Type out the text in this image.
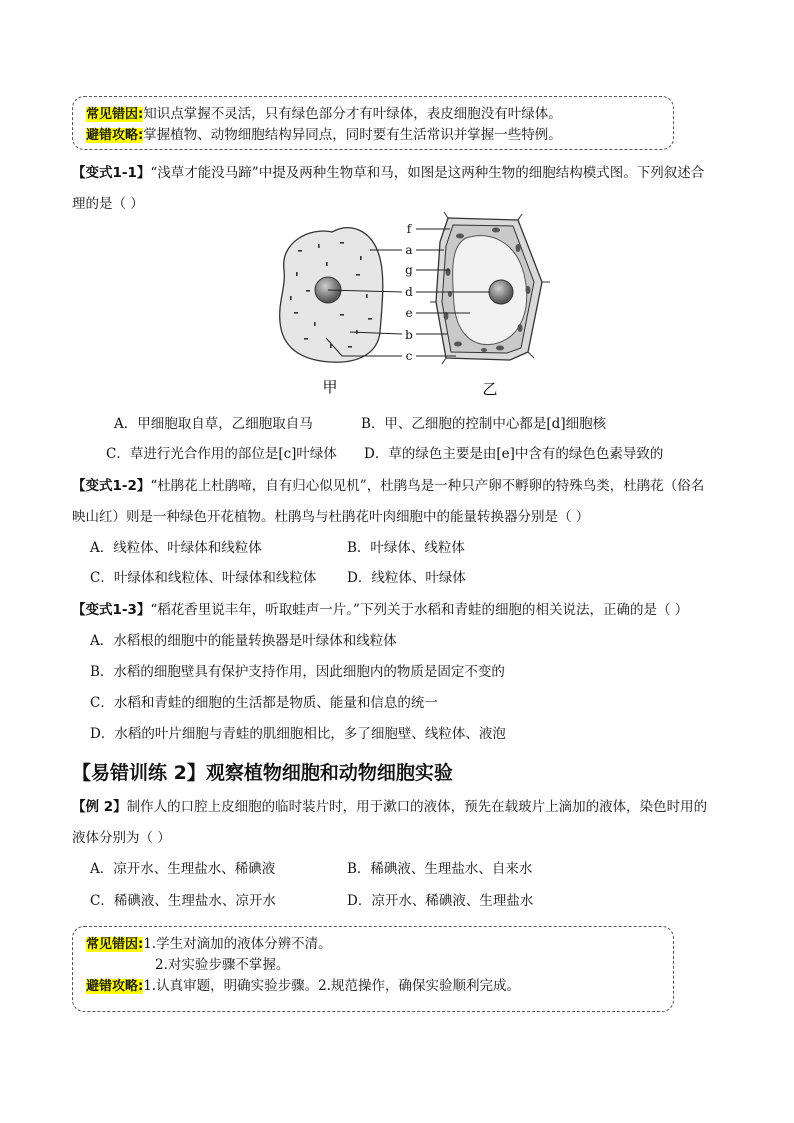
常见错因:知识点掌握不灵活，只有绿色部分才有叶绿体，表皮细胞没有叶绿体。
避错攻略:掌握植物、动物细胞结构异同点，同时要有生活常识并掌握一些特例。
【变式1-1】“浅草才能没马蹄”中提及两种生物草和马，如图是这两种生物的细胞结构模式图。下列叙述合
理的是（ ）
f
a
g
d
e
b
c
甲	乙
A．甲细胞取自草，乙细胞取自马	B．甲、乙细胞的控制中心都是[d]细胞核
C．草进行光合作用的部位是[c]叶绿体 D．草的绿色主要是由[e]中含有的绿色色素导致的
【变式1-2】“杜鹃花上杜鹃啼，自有归心似见机”，杜鹃鸟是一种只产卵不孵卵的特殊鸟类，杜鹃花（俗名
映山红）则是一种绿色开花植物。杜鹃鸟与杜鹃花叶肉细胞中的能量转换器分别是（ ）
A．线粒体、叶绿体和线粒体	B．叶绿体、线粒体
C．叶绿体和线粒体、叶绿体和线粒体 D．线粒体、叶绿体
【变式1-3】“稻花香里说丰年，听取蛙声一片。”下列关于水稻和青蛙的细胞的相关说法，正确的是（ ）
A．水稻根的细胞中的能量转换器是叶绿体和线粒体
B．水稻的细胞壁具有保护支持作用，因此细胞内的物质是固定不变的
C．水稻和青蛙的细胞的生活都是物质、能量和信息的统一
D．水稻的叶片细胞与青蛙的肌细胞相比，多了细胞壁、线粒体、液泡
【易错训练 2】观察植物细胞和动物细胞实验
【例 2】制作人的口腔上皮细胞的临时装片时，用于漱口的液体，预先在载玻片上滴加的液体，染色时用的
液体分别为（ ）
A．凉开水、生理盐水、稀碘液	B．稀碘液、生理盐水、自来水
C．稀碘液、生理盐水、凉开水	D．凉开水、稀碘液、生理盐水
常见错因:1.学生对滴加的液体分辨不清。
2.对实验步骤不掌握。
避错攻略:1.认真审题，明确实验步骤。2.规范操作，确保实验顺利完成。
